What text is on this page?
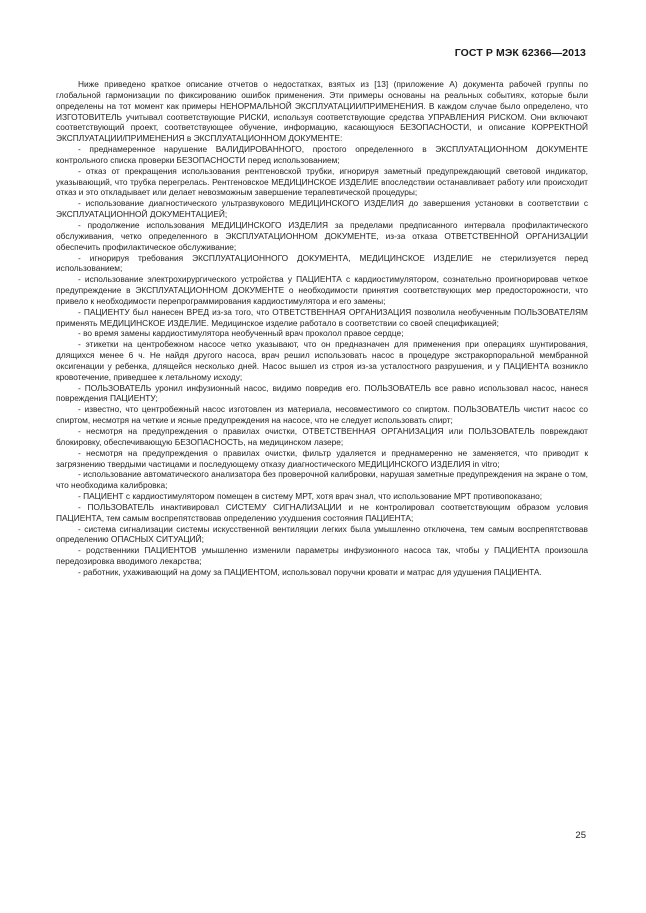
ГОСТ Р МЭК 62366—2013

Ниже приведено краткое описание отчетов о недостатках, взятых из [13] (приложение А) документа рабочей группы по глобальной гармонизации по фиксированию ошибок применения. Эти примеры основаны на реальных событиях, которые были определены на тот момент как примеры НЕНОРМАЛЬНОЙ ЭКСПЛУАТАЦИИ/ПРИМЕНЕНИЯ. В каждом случае было определено, что ИЗГОТОВИТЕЛЬ учитывал соответствующие РИСКИ, используя соответствующие средства УПРАВЛЕНИЯ РИСКОМ. Они включают соответствующий проект, соответствующее обучение, информацию, касающуюся БЕЗОПАСНОСТИ, и описание КОРРЕКТНОЙ ЭКСПЛУАТАЦИИ/ПРИМЕНЕНИЯ в ЭКСПЛУАТАЦИОННОМ ДОКУМЕНТЕ:

- преднамеренное нарушение ВАЛИДИРОВАННОГО, простого определенного в ЭКСПЛУАТАЦИОННОМ ДОКУМЕНТЕ контрольного списка проверки БЕЗОПАСНОСТИ перед использованием;

- отказ от прекращения использования рентгеновской трубки, игнорируя заметный предупреждающий световой индикатор, указывающий, что трубка перегрелась. Рентгеновское МЕДИЦИНСКОЕ ИЗДЕЛИЕ впоследствии останавливает работу или происходит отказ и это откладывает или делает невозможным завершение терапевтической процедуры;

- использование диагностического ультразвукового МЕДИЦИНСКОГО ИЗДЕЛИЯ до завершения установки в соответствии с ЭКСПЛУАТАЦИОННОЙ ДОКУМЕНТАЦИЕЙ;

- продолжение использования МЕДИЦИНСКОГО ИЗДЕЛИЯ за пределами предписанного интервала профилактического обслуживания, четко определенного в ЭКСПЛУАТАЦИОННОМ ДОКУМЕНТЕ, из-за отказа ОТВЕТСТВЕННОЙ ОРГАНИЗАЦИИ обеспечить профилактическое обслуживание;

- игнорируя требования ЭКСПЛУАТАЦИОННОГО ДОКУМЕНТА, МЕДИЦИНСКОЕ ИЗДЕЛИЕ не стерилизуется перед использованием;

- использование электрохирургического устройства у ПАЦИЕНТА с кардиостимулятором, сознательно проигнорировав четкое предупреждение в ЭКСПЛУАТАЦИОННОМ ДОКУМЕНТЕ о необходимости принятия соответствующих мер предосторожности, что привело к необходимости перепрограммирования кардиостимулятора и его замены;

- ПАЦИЕНТУ был нанесен ВРЕД из-за того, что ОТВЕТСТВЕННАЯ ОРГАНИЗАЦИЯ позволила необученным ПОЛЬЗОВАТЕЛЯМ применять МЕДИЦИНСКОЕ ИЗДЕЛИЕ. Медицинское изделие работало в соответствии со своей спецификацией;

- во время замены кардиостимулятора необученный врач проколол правое сердце;

- этикетки на центробежном насосе четко указывают, что он предназначен для применения при операциях шунтирования, длящихся менее 6 ч. Не найдя другого насоса, врач решил использовать насос в процедуре экстракорпоральной мембранной оксигенации у ребенка, длящейся несколько дней. Насос вышел из строя из-за усталостного разрушения, и у ПАЦИЕНТА возникло кровотечение, приведшее к летальному исходу;

- ПОЛЬЗОВАТЕЛЬ уронил инфузионный насос, видимо повредив его. ПОЛЬЗОВАТЕЛЬ все равно использовал насос, нанеся повреждения ПАЦИЕНТУ;

- известно, что центробежный насос изготовлен из материала, несовместимого со спиртом. ПОЛЬЗОВАТЕЛЬ чистит насос со спиртом, несмотря на четкие и ясные предупреждения на насосе, что не следует использовать спирт;

- несмотря на предупреждения о правилах очистки, ОТВЕТСТВЕННАЯ ОРГАНИЗАЦИЯ или ПОЛЬЗОВАТЕЛЬ повреждают блокировку, обеспечивающую БЕЗОПАСНОСТЬ, на медицинском лазере;

- несмотря на предупреждения о правилах очистки, фильтр удаляется и преднамеренно не заменяется, что приводит к загрязнению твердыми частицами и последующему отказу диагностического МЕДИЦИНСКОГО ИЗДЕЛИЯ in vitro;

- использование автоматического анализатора без проверочной калибровки, нарушая заметные предупреждения на экране о том, что необходима калибровка;

- ПАЦИЕНТ с кардиостимулятором помещен в систему МРТ, хотя врач знал, что использование МРТ противопоказано;

- ПОЛЬЗОВАТЕЛЬ инактивировал СИСТЕМУ СИГНАЛИЗАЦИИ и не контролировал соответствующим образом условия ПАЦИЕНТА, тем самым воспрепятствовав определению ухудшения состояния ПАЦИЕНТА;

- система сигнализации системы искусственной вентиляции легких была умышленно отключена, тем самым воспрепятствовав определению ОПАСНЫХ СИТУАЦИЙ;

- родственники ПАЦИЕНТОВ умышленно изменили параметры инфузионного насоса так, чтобы у ПАЦИЕНТА произошла передозировка вводимого лекарства;

- работник, ухаживающий на дому за ПАЦИЕНТОМ, использовал поручни кровати и матрас для удушения ПАЦИЕНТА.

25
